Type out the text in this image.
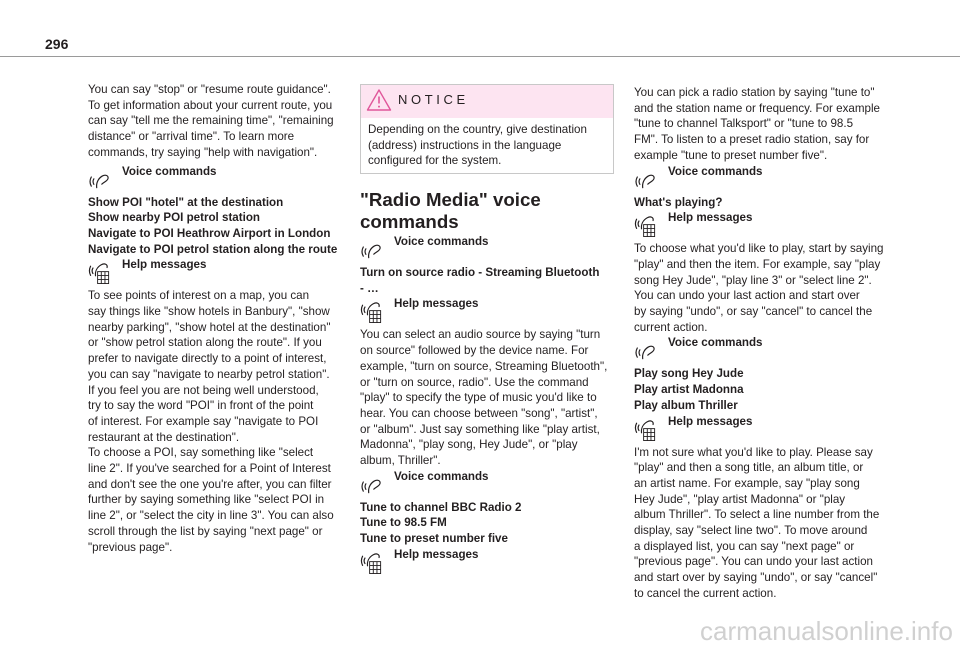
296

You can say "stop" or "resume route guidance".
To get information about your current route, you
can say "tell me the remaining time", "remaining
distance" or "arrival time". To learn more
commands, try saying "help with navigation".

Voice commands
Show POI "hotel" at the destination
Show nearby POI petrol station
Navigate to POI Heathrow Airport in London
Navigate to POI petrol station along the route
Help messages

To see points of interest on a map, you can
say things like "show hotels in Banbury", "show
nearby parking", "show hotel at the destination"
or "show petrol station along the route". If you
prefer to navigate directly to a point of interest,
you can say "navigate to nearby petrol station".
If you feel you are not being well understood,
try to say the word "POI" in front of the point
of interest. For example say "navigate to POI
restaurant at the destination".
To choose a POI, say something like "select
line 2". If you've searched for a Point of Interest
and don't see the one you're after, you can filter
further by saying something like "select POI in
line 2", or "select the city in line 3". You can also
scroll through the list by saying "next page" or
"previous page".

NOTICE
Depending on the country, give destination
(address) instructions in the language
configured for the system.
"Radio Media" voice commands
Voice commands
Turn on source radio - Streaming Bluetooth
- …
Help messages

You can select an audio source by saying "turn
on source" followed by the device name. For
example, "turn on source, Streaming Bluetooth",
or "turn on source, radio". Use the command
"play" to specify the type of music you'd like to
hear. You can choose between "song", "artist",
or "album". Just say something like "play artist,
Madonna", "play song, Hey Jude", or "play
album, Thriller".

Voice commands
Tune to channel BBC Radio 2
Tune to 98.5 FM
Tune to preset number five
Help messages

You can pick a radio station by saying "tune to"
and the station name or frequency. For example
"tune to channel Talksport" or "tune to 98.5
FM". To listen to a preset radio station, say for
example "tune to preset number five".

Voice commands
What's playing?
Help messages

To choose what you'd like to play, start by saying
"play" and then the item. For example, say "play
song Hey Jude", "play line 3" or "select line 2".
You can undo your last action and start over
by saying "undo", or say "cancel" to cancel the
current action.

Voice commands
Play song Hey Jude
Play artist Madonna
Play album Thriller
Help messages

I'm not sure what you'd like to play. Please say
"play" and then a song title, an album title, or
an artist name. For example, say "play song
Hey Jude", "play artist Madonna" or "play
album Thriller". To select a line number from the
display, say "select line two". To move around
a displayed list, you can say "next page" or
"previous page". You can undo your last action
and start over by saying "undo", or say "cancel"
to cancel the current action.

carmanualsonline.info
